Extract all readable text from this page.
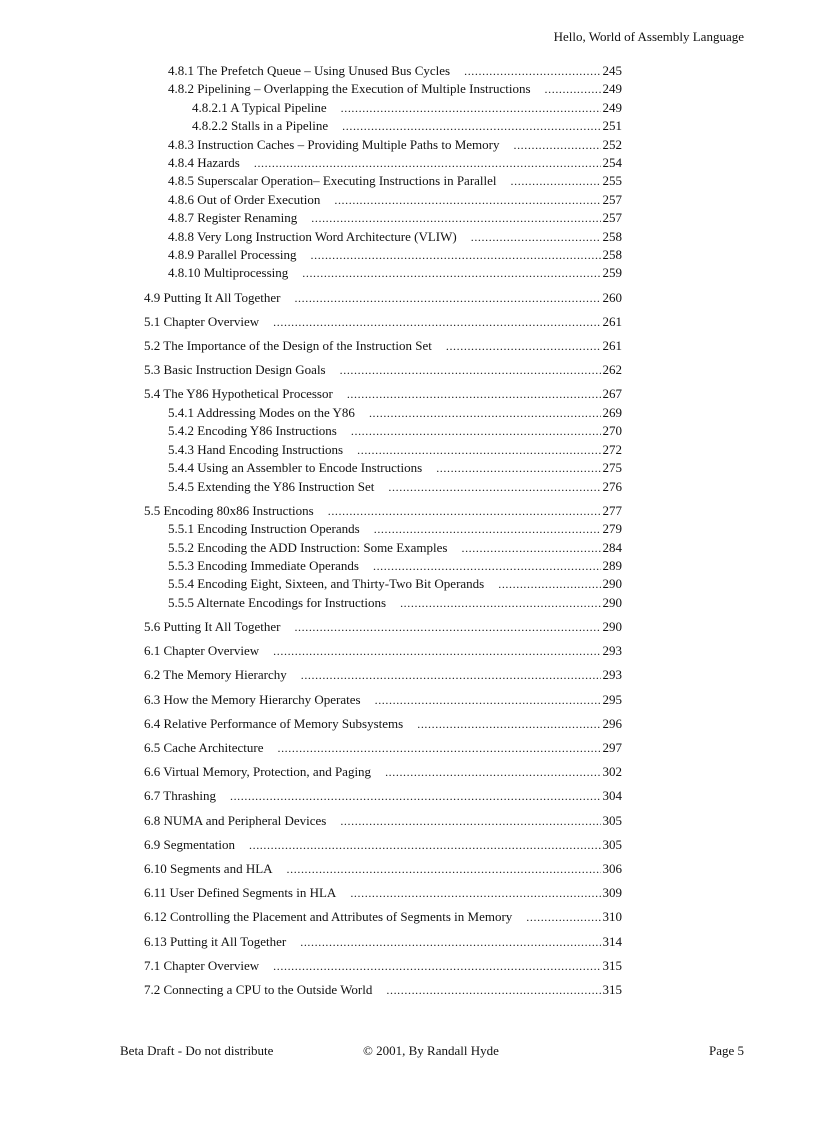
Hello, World of Assembly Language
4.8.1 The Prefetch Queue – Using Unused Bus Cycles .....	245
4.8.2 Pipelining – Overlapping the Execution of Multiple Instructions .....	249
4.8.2.1 A Typical Pipeline .....	249
4.8.2.2 Stalls in a Pipeline .....	251
4.8.3 Instruction Caches – Providing Multiple Paths to Memory .....	252
4.8.4 Hazards .....	254
4.8.5 Superscalar Operation– Executing Instructions in Parallel .....	255
4.8.6 Out of Order Execution .....	257
4.8.7 Register Renaming .....	257
4.8.8 Very Long Instruction Word Architecture (VLIW) .....	258
4.8.9 Parallel Processing .....	258
4.8.10 Multiprocessing .....	259
4.9 Putting It All Together .....	260
5.1 Chapter Overview .....	261
5.2 The Importance of the Design of the Instruction Set .....	261
5.3 Basic Instruction Design Goals .....	262
5.4 The Y86 Hypothetical Processor .....	267
5.4.1 Addressing Modes on the Y86 .....	269
5.4.2 Encoding Y86 Instructions .....	270
5.4.3 Hand Encoding Instructions .....	272
5.4.4 Using an Assembler to Encode Instructions .....	275
5.4.5 Extending the Y86 Instruction Set .....	276
5.5 Encoding 80x86 Instructions .....	277
5.5.1 Encoding Instruction Operands .....	279
5.5.2 Encoding the ADD Instruction: Some Examples .....	284
5.5.3 Encoding Immediate Operands .....	289
5.5.4 Encoding Eight, Sixteen, and Thirty-Two Bit Operands .....	290
5.5.5 Alternate Encodings for Instructions .....	290
5.6 Putting It All Together .....	290
6.1 Chapter Overview .....	293
6.2 The Memory Hierarchy .....	293
6.3 How the Memory Hierarchy Operates .....	295
6.4 Relative Performance of Memory Subsystems .....	296
6.5 Cache Architecture .....	297
6.6 Virtual Memory, Protection, and Paging .....	302
6.7 Thrashing .....	304
6.8 NUMA and Peripheral Devices .....	305
6.9 Segmentation .....	305
6.10 Segments and HLA .....	306
6.11 User Defined Segments in HLA .....	309
6.12 Controlling the Placement and Attributes of Segments in Memory .....	310
6.13 Putting it All Together .....	314
7.1 Chapter Overview .....	315
7.2 Connecting a CPU to the Outside World .....	315
Beta Draft - Do not distribute	© 2001, By Randall Hyde	Page 5
